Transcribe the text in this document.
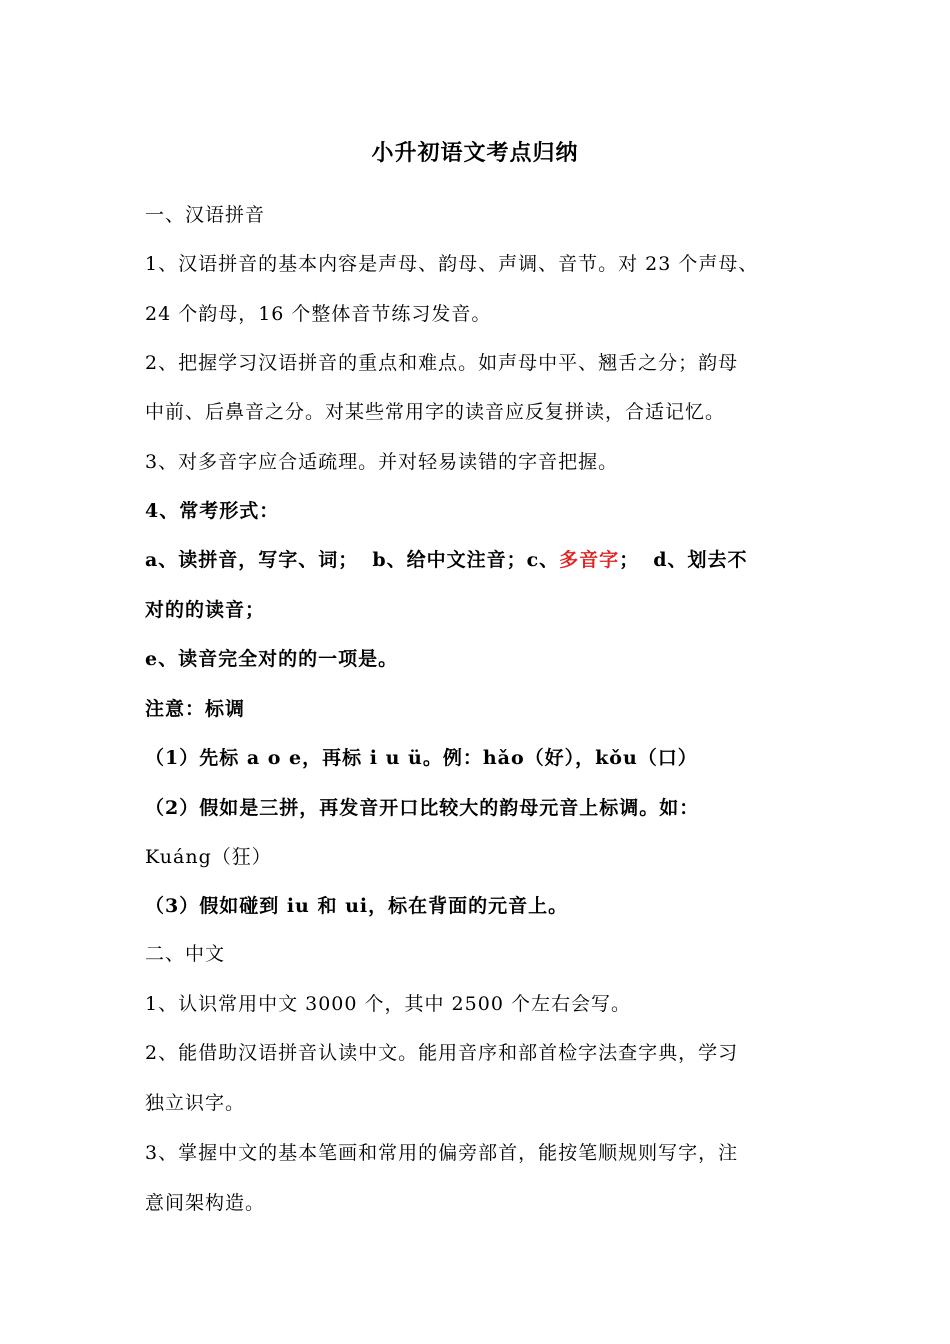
小升初语文考点归纳
一、汉语拼音
1、汉语拼音的基本内容是声母、韵母、声调、音节。对 23 个声母、
24 个韵母，16 个整体音节练习发音。
2、把握学习汉语拼音的重点和难点。如声母中平、翘舌之分；韵母
中前、后鼻音之分。对某些常用字的读音应反复拼读，合适记忆。
3、对多音字应合适疏理。并对轻易读错的字音把握。
4、常考形式：
a、读拼音，写字、词； b、给中文注音；c、多音字； d、划去不
对的的读音；
e、读音完全对的的一项是。
注意：标调
（1）先标 a o e，再标 i u ü。例：hǎo（好），kǒu（口）
（2）假如是三拼，再发音开口比较大的韵母元音上标调。如：
Kuáng（狂）
（3）假如碰到 iu 和 ui，标在背面的元音上。
二、中文
1、认识常用中文 3000 个，其中 2500 个左右会写。
2、能借助汉语拼音认读中文。能用音序和部首检字法查字典，学习
独立识字。
3、掌握中文的基本笔画和常用的偏旁部首，能按笔顺规则写字，注
意间架构造。
